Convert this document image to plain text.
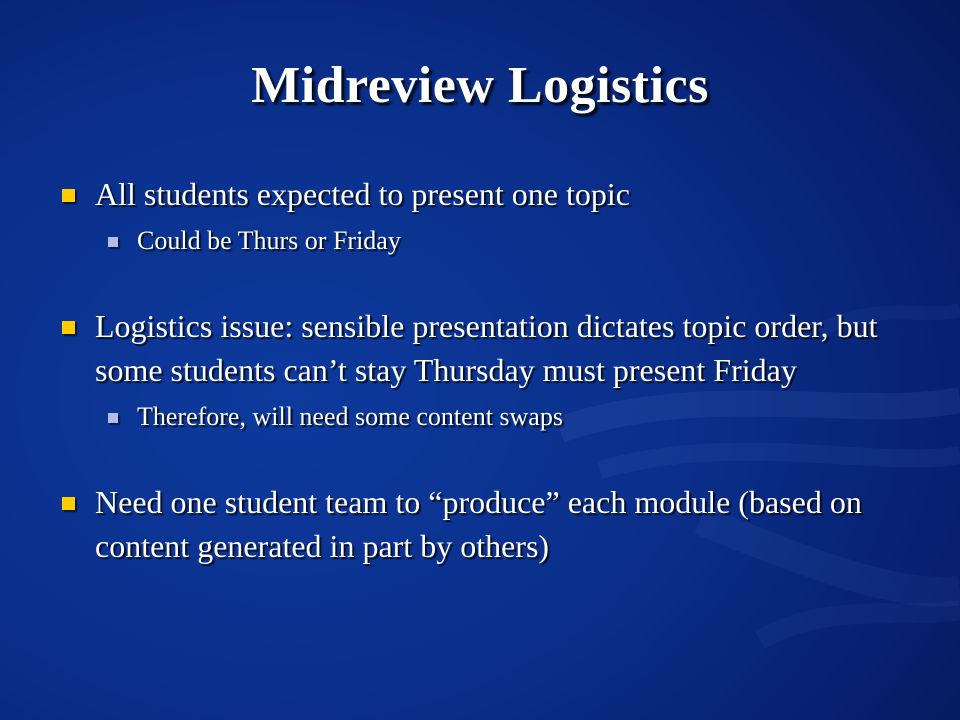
Midreview Logistics
All students expected to present one topic
Could be Thurs or Friday
Logistics issue: sensible presentation dictates topic order, but some students can’t stay Thursday must present Friday
Therefore, will need some content swaps
Need one student team to “produce” each module (based on content generated in part by others)
